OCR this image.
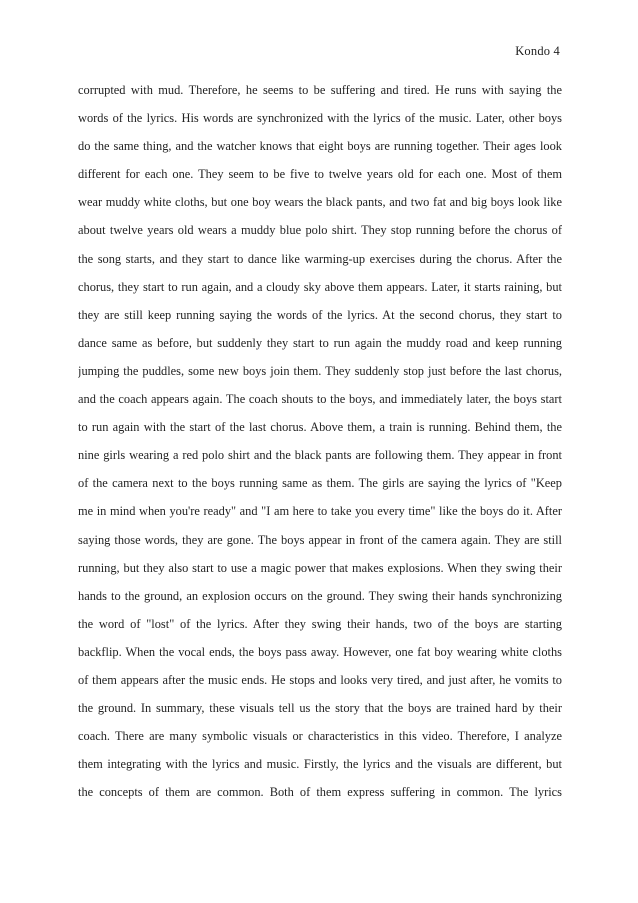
Kondo 4
corrupted with mud. Therefore, he seems to be suffering and tired. He runs with saying the
words of the lyrics. His words are synchronized with the lyrics of the music. Later, other boys
do the same thing, and the watcher knows that eight boys are running together. Their ages look
different for each one. They seem to be five to twelve years old for each one. Most of them
wear muddy white cloths, but one boy wears the black pants, and two fat and big boys look like
about twelve years old wears a muddy blue polo shirt. They stop running before the chorus of
the song starts, and they start to dance like warming-up exercises during the chorus. After the
chorus, they start to run again, and a cloudy sky above them appears. Later, it starts raining, but
they are still keep running saying the words of the lyrics. At the second chorus, they start to
dance same as before, but suddenly they start to run again the muddy road and keep running
jumping the puddles, some new boys join them. They suddenly stop just before the last chorus,
and the coach appears again. The coach shouts to the boys, and immediately later, the boys start
to run again with the start of the last chorus. Above them, a train is running. Behind them, the
nine girls wearing a red polo shirt and the black pants are following them. They appear in front
of the camera next to the boys running same as them. The girls are saying the lyrics of "Keep
me in mind when you're ready" and "I am here to take you every time" like the boys do it. After
saying those words, they are gone. The boys appear in front of the camera again. They are still
running, but they also start to use a magic power that makes explosions. When they swing their
hands to the ground, an explosion occurs on the ground. They swing their hands synchronizing
the word of "lost" of the lyrics. After they swing their hands, two of the boys are starting
backflip. When the vocal ends, the boys pass away. However, one fat boy wearing white cloths
of them appears after the music ends. He stops and looks very tired, and just after, he vomits to
the ground. In summary, these visuals tell us the story that the boys are trained hard by their
coach. There are many symbolic visuals or characteristics in this video. Therefore, I analyze
them integrating with the lyrics and music. Firstly, the lyrics and the visuals are different, but
the concepts of them are common. Both of them express suffering in common. The lyrics
